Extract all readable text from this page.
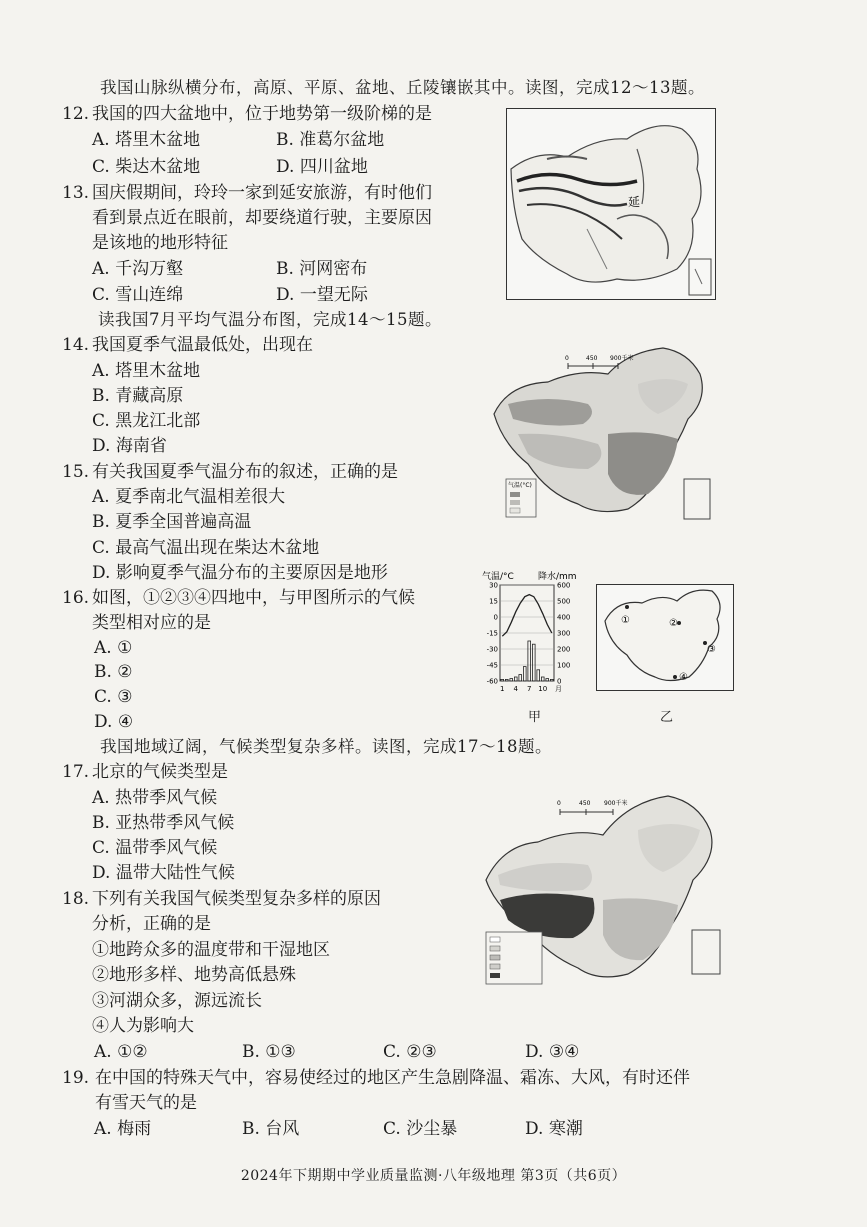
我国山脉纵横分布，高原、平原、盆地、丘陵镶嵌其中。读图，完成12～13题。
12. 我国的四大盆地中，位于地势第一级阶梯的是
A. 塔里木盆地	B. 准葛尔盆地
C. 柴达木盆地	D. 四川盆地
13. 国庆假期间，玲玲一家到延安旅游，有时他们
看到景点近在眼前，却要绕道行驶，主要原因
是该地的地形特征
A. 千沟万壑	B. 河网密布
C. 雪山连绵	D. 一望无际
延
读我国7月平均气温分布图，完成14～15题。
14. 我国夏季气温最低处，出现在
A. 塔里木盆地
B. 青藏高原
C. 黑龙江北部
D. 海南省
15. 有关我国夏季气温分布的叙述，正确的是
A. 夏季南北气温相差很大
B. 夏季全国普遍高温
C. 最高气温出现在柴达木盆地
D. 影响夏季气温分布的主要原因是地形
0	450 900千米
气温(°C)
16. 如图，①②③④四地中，与甲图所示的气候
类型相对应的是
A. ①
B. ②
C. ③
D. ④
气温/°C	降水/mm
30
15
0
-15
-30
-45
-60
600
500
400
300
200
100
0
1 4 7 10 月
甲
①	②
③
④
乙
我国地域辽阔，气候类型复杂多样。读图，完成17～18题。
17. 北京的气候类型是
A. 热带季风气候
B. 亚热带季风气候
C. 温带季风气候
D. 温带大陆性气候
0	450 900千米
18. 下列有关我国气候类型复杂多样的原因
分析，正确的是
①地跨众多的温度带和干湿地区
②地形多样、地势高低悬殊
③河湖众多，源远流长
④人为影响大
A. ①②	B. ①③	C. ②③	D. ③④
19. 在中国的特殊天气中，容易使经过的地区产生急剧降温、霜冻、大风，有时还伴
有雪天气的是
A. 梅雨	B. 台风	C. 沙尘暴	D. 寒潮
2024年下期期中学业质量监测·八年级地理 第3页（共6页）
